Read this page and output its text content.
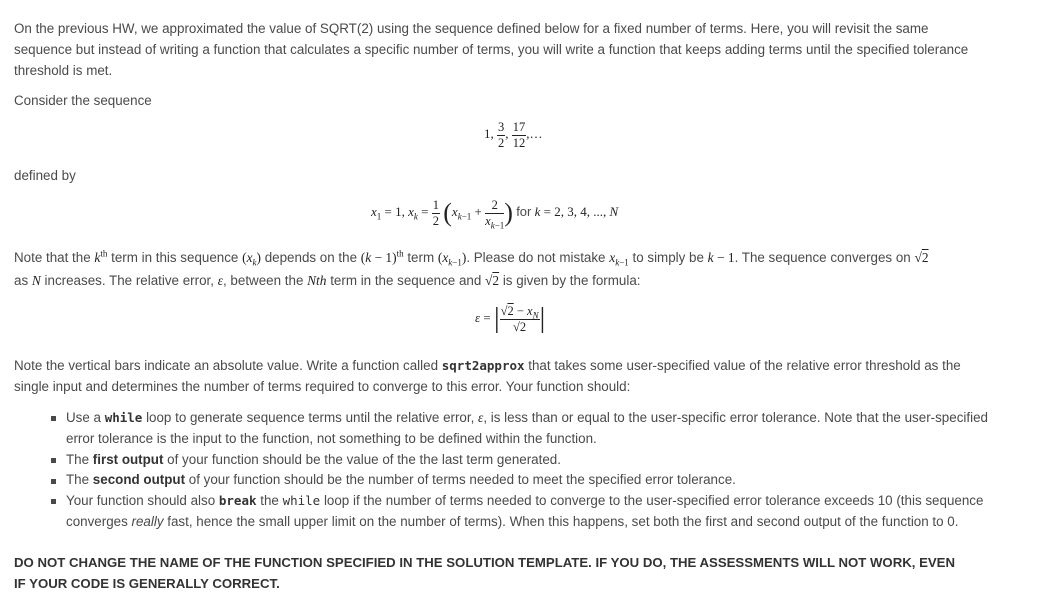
On the previous HW, we approximated the value of SQRT(2) using the sequence defined below for a fixed number of terms. Here, you will revisit the same
sequence but instead of writing a function that calculates a specific number of terms, you will write a function that keeps adding terms until the specified tolerance
threshold is met.
Consider the sequence
1, $\frac{3}{2}$ , $\frac{17}{12}$ ,…
defined by
$x_1 = 1$, $x_k = \frac{1}{2} (x_{k-1} + \frac{2}{x_{k-1}}$ ) for k = 2, 3, 4, ..., N
Note that the $k^{th}$ term in this sequence $(x_k)$ depends on the $(k - 1)^{th}$ term $(x_{k-1})$. Please do not mistake $x_{k-1}$ to simply be k − 1. The sequence converges on √2
as N increases. The relative error, ε, between the Nth term in the sequence and √2 is given by the formula:
ε = | $\frac{√2 - x_N}{√2}$ |
Note the vertical bars indicate an absolute value. Write a function called sqrt2approx that takes some user-specified value of the relative error threshold as the
single input and determines the number of terms required to converge to this error. Your function should:
Use a while loop to generate sequence terms until the relative error, ε, is less than or equal to the user-specific error tolerance. Note that the user-specified
error tolerance is the input to the function, not something to be defined within the function.
The first output of your function should be the value of the the last term generated.
The second output of your function should be the number of terms needed to meet the specified error tolerance.
Your function should also break the while loop if the number of terms needed to converge to the user-specified error tolerance exceeds 10 (this sequence
converges really fast, hence the small upper limit on the number of terms). When this happens, set both the first and second output of the function to 0.
DO NOT CHANGE THE NAME OF THE FUNCTION SPECIFIED IN THE SOLUTION TEMPLATE. IF YOU DO, THE ASSESSMENTS WILL NOT WORK, EVEN
IF YOUR CODE IS GENERALLY CORRECT.
